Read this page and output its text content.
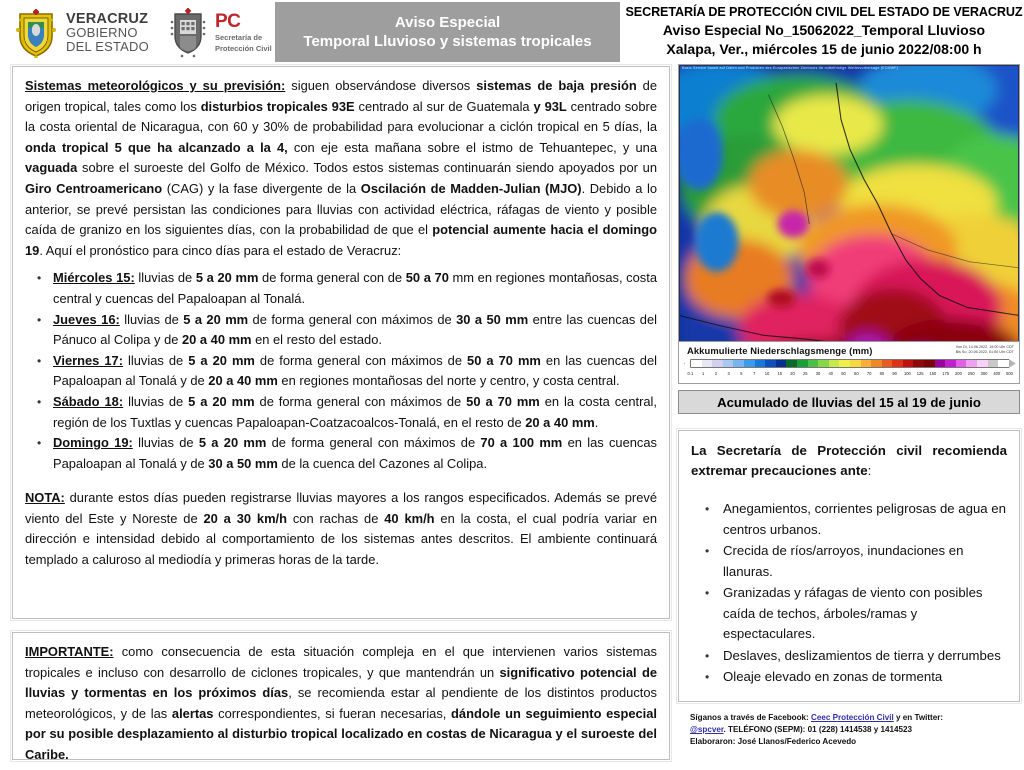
VERACRUZ
GOBIERNO
DEL ESTADO
PC
Secretaría de
Protección Civil
Aviso Especial
Temporal Lluvioso y sistemas tropicales
SECRETARÍA DE PROTECCIÓN CIVIL DEL ESTADO DE VERACRUZ
Aviso Especial No_15062022_Temporal Lluvioso
Xalapa, Ver., miércoles 15 de junio 2022/08:00 h

Sistemas meteorológicos y su previsión: siguen observándose diversos sistemas de baja presión de origen tropical, tales como los disturbios tropicales 93E centrado al sur de Guatemala y 93L centrado sobre la costa oriental de Nicaragua, con 60 y 30% de probabilidad para evolucionar a ciclón tropical en 5 días, la onda tropical 5 que ha alcanzado a la 4, con eje esta mañana sobre el istmo de Tehuantepec, y una vaguada sobre el suroeste del Golfo de México. Todos estos sistemas continuarán siendo apoyados por un Giro Centroamericano (CAG) y la fase divergente de la Oscilación de Madden-Julian (MJO). Debido a lo anterior, se prevé persistan las condiciones para lluvias con actividad eléctrica, ráfagas de viento y posible caída de granizo en los siguientes días, con la probabilidad de que el potencial aumente hacia el domingo 19. Aquí el pronóstico para cinco días para el estado de Veracruz:

• Miércoles 15: lluvias de 5 a 20 mm de forma general con de 50 a 70 mm en regiones montañosas, costa central y cuencas del Papaloapan al Tonalá.
• Jueves 16: lluvias de 5 a 20 mm de forma general con máximos de 30 a 50 mm entre las cuencas del Pánuco al Colipa y de 20 a 40 mm en el resto del estado.
• Viernes 17: lluvias de 5 a 20 mm de forma general con máximos de 50 a 70 mm en las cuencas del Papaloapan al Tonalá y de 20 a 40 mm en regiones montañosas del norte y centro, y costa central.
• Sábado 18: lluvias de 5 a 20 mm de forma general con máximos de 50 a 70 mm en la costa central, región de los Tuxtlas y cuencas Papaloapan-Coatzacoalcos-Tonalá, en el resto de 20 a 40 mm.
• Domingo 19: lluvias de 5 a 20 mm de forma general con máximos de 70 a 100 mm en las cuencas Papaloapan al Tonalá y de 30 a 50 mm de la cuenca del Cazones al Colipa.

NOTA: durante estos días pueden registrarse lluvias mayores a los rangos especificados. Además se prevé viento del Este y Noreste de 20 a 30 km/h con rachas de 40 km/h en la costa, el cual podría variar en dirección e intensidad debido al comportamiento de los sistemas antes descritos. El ambiente continuará templado a caluroso al mediodía y primeras horas de la tarde.

IMPORTANTE: como consecuencia de esta situación compleja en el que intervienen varios sistemas tropicales e incluso con desarrollo de ciclones tropicales, y que mantendrán un significativo potencial de lluvias y tormentas en los próximos días, se recomienda estar al pendiente de los distintos productos meteorológicos, y de las alertas correspondientes, si fueran necesarias, dándole un seguimiento especial por su posible desplazamiento al disturbio tropical localizado en costas de Nicaragua y el suroeste del Caribe.

Basic Service based auf Daten und Produkten des Europaeischen Zentrums für mittelfristige Wettervorhersage (ECMWF)
Akkumulierte Niederschlagsmenge (mm)	Von Di, 14.06.2022, 19:00 Uhr CDT
Bis So, 20.06.2022, 01:00 Uhr CDT
0.1	1	2	3	5	7	10	15	20	25	30	40	50	60	70	80	90	100	125	150	175	200	250	300	400	500
Acumulado de lluvias del 15 al 19 de junio
La Secretaría de Protección civil recomienda extremar precauciones ante:
• Anegamientos, corrientes peligrosas de agua en centros urbanos.
• Crecida de ríos/arroyos, inundaciones en llanuras.
• Granizadas y ráfagas de viento con posibles caída de techos, árboles/ramas y espectaculares.
• Deslaves, deslizamientos de tierra y derrumbes
• Oleaje elevado en zonas de tormenta
Síganos a través de Facebook: Ceec Protección Civil y en Twitter:
@spcver. TELÉFONO (SEPM): 01 (228) 1414538 y 1414523
Elaboraron: José Llanos/Federico Acevedo
